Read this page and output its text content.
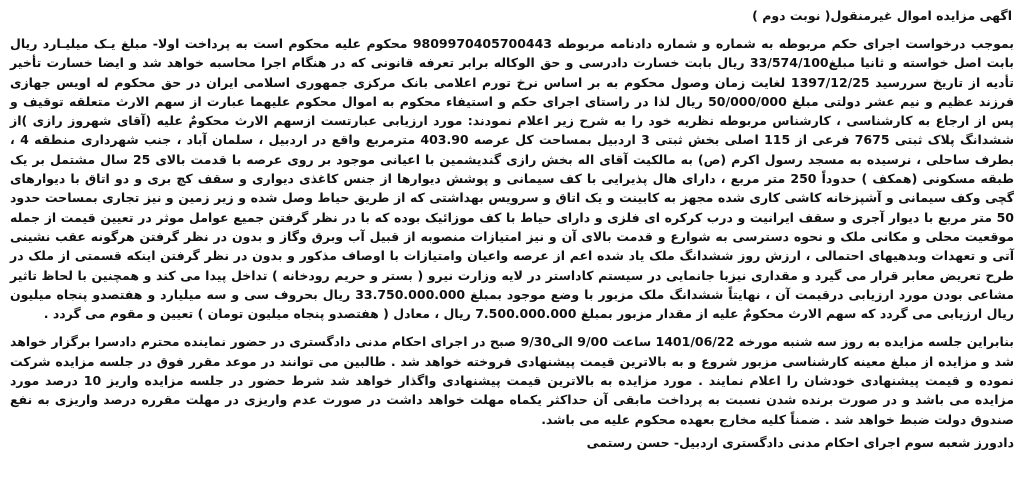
اگهی مزایده اموال غیرمنقول( نوبت دوم )

بموجب درخواست اجرای حکم مربوطه به شماره و شماره دادنامه مربوطه 9809970405700443 محکوم علیه محکوم است به پرداخت اولا- مبلغ یـک میلیـارد ریال بابت اصل خواسته و ثانیا مبلغ33/574/100 ریال بابت خسارت دادرسی و حق الوکاله برابر تعرفه قانونی که در هنگام اجرا محاسبه خواهد شد و ایضا خسارت تأخیر تأدیه از تاریخ سررسید 1397/12/25 لغایت زمان وصول محکوم به بر اساس نرخ تورم اعلامی بانک مرکزی جمهوری اسلامی ایران در حق محکوم له اویس جهازی فرزند عظیم و نیم عشر دولتی مبلغ 50/000/000 ریال لذا در راستای اجرای حکم و استیفاء محکوم به اموال محکوم علیهما عبارت از سهم الارث متعلقه توقیف و پس از ارجاع به کارشناسی ، کارشناس مربوطه نظریه خود را به شرح زیر اعلام نمودند: مورد ارزیابی عبارتست ازسهم الارث محکومٌ علیه (آقای شهروز رازی )از ششدانگ پلاک ثبتی 7675 فرعی از 115 اصلی بخش ثبتی 3 اردبیل بمساحت کل عرصه 403.90 مترمربع واقع در اردبیل ، سلمان آباد ، جنب شهرداری منطقه 4 ، بطرف ساحلی ، نرسیده به مسجد رسول اکرم (ص) به مالکیت آقای اله بخش رازی گندیشمین با اعیانی موجود بر روی عرصه با قدمت بالای 25 سال مشتمل بر یک طبقه مسکونی (همکف ) حدوداً 250 متر مربع ، دارای هال پذیرایی با کف سیمانی و پوشش دیوارها از جنس کاغذی دیواری و سقف کچ بری و دو اتاق با دیوارهای گچی وکف سیمانی و آشپزخانه کاشی کاری شده مجهز به کابینت و یک اتاق و سرویس بهداشتی که از طریق حیاط وصل شده و زیر زمین و نیز تجاری بمساحت حدود 50 متر مربع با دیوار آجری و سقف ایرانیت و درب کرکره ای فلزی و دارای حیاط با کف موزائیک بوده که با در نظر گرفتن جمیع عوامل موثر در تعیین قیمت از جمله موقعیت محلی و مکانی ملک و نحوه دسترسی به شوارع و قدمت بالای آن و نیز امتیازات منصوبه از قبیل آب وبرق وگاز و بدون در نظر گرفتن هرگونه عقب نشینی آتی و تعهدات وبدهیهای احتمالی ، ارزش روز ششدانگ ملک یاد شده اعم از عرصه واعیان وامتیازات با اوصاف مذکور و بدون در نظر گرفتن اینکه قسمتی از ملک در طرح تعریض معابر قرار می گیرد و مقداری نیزبا جانمایی در سیستم کاداستر در لایه وزارت نیرو ( بستر و حریم رودخانه ) تداخل پیدا می کند و همچنین با لحاظ تاثیر مشاعی بودن مورد ارزیابی درقیمت آن ، نهایتاً ششدانگ ملک مزبور با وضع موجود بمبلغ 33.750.000.000 ریال بحروف سی و سه میلیارد و هفتصدو پنجاه میلیون ریال ارزیابی می گردد که سهم الارث محکومٌ علیه از مقدار مزبور بمبلغ 7.500.000.000 ریال ، معادل ( هفتصدو پنجاه میلیون تومان ) تعیین و مقوم می گردد .

بنابراین جلسه مزایده به روز سه شنبه مورخه 1401/06/22 ساعت 9/00 الی9/30 صبح در اجرای احکام مدنی دادگستری در حضور نماینده محترم دادسرا برگزار خواهد شد و مزایده از مبلغ معینه کارشناسی مزبور شروع و به بالاترین قیمت پیشنهادی فروخته خواهد شد . طالبین می توانند در موعد مقرر فوق در جلسه مزایده شرکت نموده و قیمت پیشنهادی خودشان را اعلام نمایند . مورد مزایده به بالاترین قیمت پیشنهادی واگذار خواهد شد شرط حضور در جلسه مزایده واریز 10 درصد مورد مزایده می باشد و در صورت برنده شدن نسبت به پرداخت مابقی آن حداکثر یکماه مهلت خواهد داشت در صورت عدم واریزی در مهلت مقرره درصد واریزی به نفع صندوق دولت ضبط خواهد شد . ضمناً کلیه مخارج بعهده محکوم علیه می باشد.

دادورز شعبه سوم اجرای احکام مدنی دادگستری اردبیل- حسن رستمی
